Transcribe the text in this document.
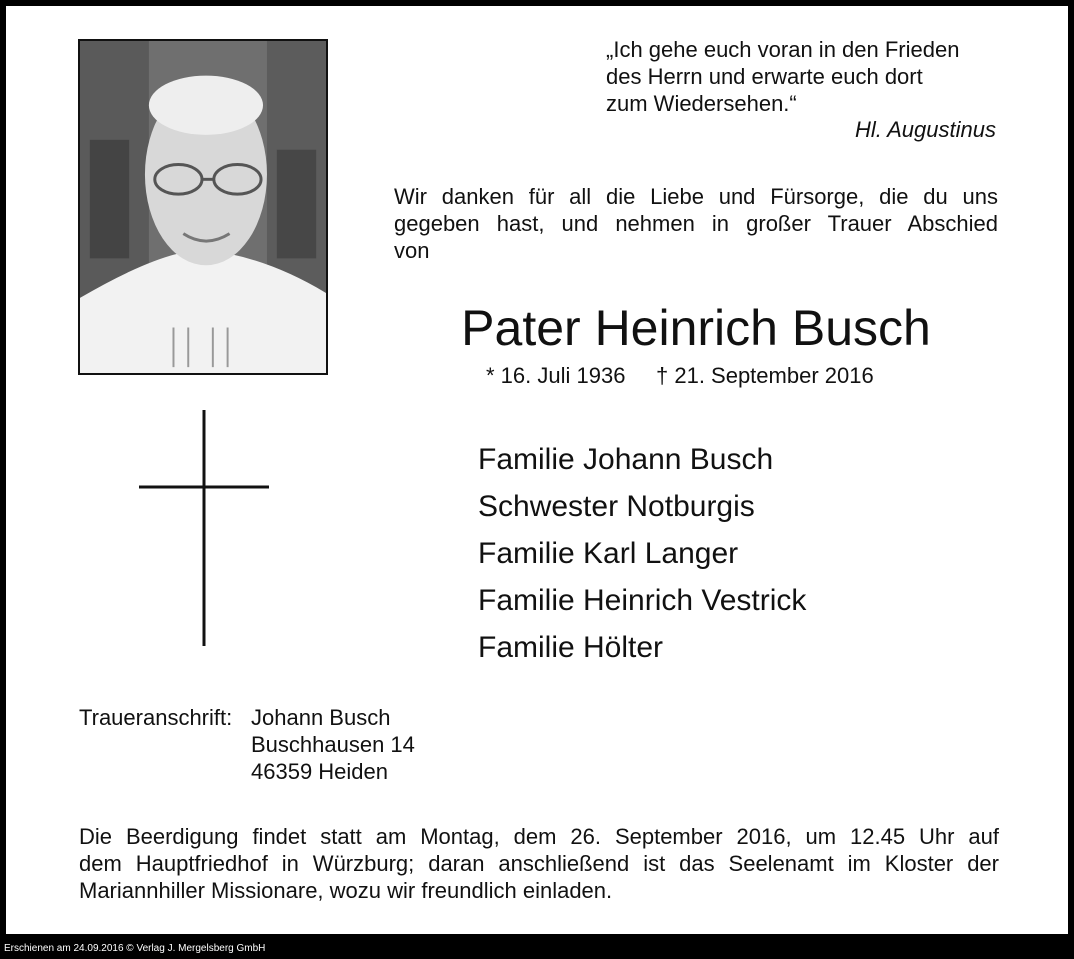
„Ich gehe euch voran in den Frieden
des Herrn und erwarte euch dort
zum Wiedersehen.“
Hl. Augustinus
Wir danken für all die Liebe und Fürsorge, die du uns
gegeben hast, und nehmen in großer Trauer Abschied
von
Pater Heinrich Busch
* 16. Juli 1936     † 21. September 2016
Familie Johann Busch
Schwester Notburgis
Familie Karl Langer
Familie Heinrich Vestrick
Familie Hölter
Traueranschrift: Johann Busch
Buschhausen 14
46359 Heiden
Die Beerdigung findet statt am Montag, dem 26. September 2016, um 12.45 Uhr auf
dem Hauptfriedhof in Würzburg; daran anschließend ist das Seelenamt im Kloster der
Mariannhiller Missionare, wozu wir freundlich einladen.
Erschienen am 24.09.2016 © Verlag J. Mergelsberg GmbH
